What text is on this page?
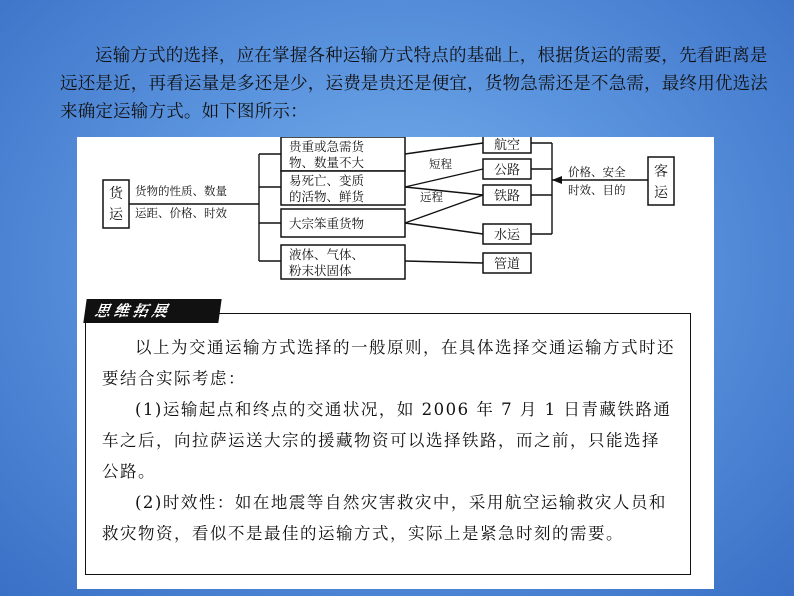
运输方式的选择，应在掌握各种运输方式特点的基础上，根据货运的需要，先看距离是远还是近，再看运量是多还是少，运费是贵还是便宜，货物急需还是不急需，最终用优选法来确定运输方式。如下图所示：

货
运
货物的性质、数量
运距、价格、时效
贵重或急需货
物、数量不大
易死亡、变质
的活物、鲜货
大宗笨重货物
液体、气体、
粉末状固体
短程
远程
航空
公路
铁路
水运
管道
价格、安全
时效、目的
客
运
思维拓展

以上为交通运输方式选择的一般原则，在具体选择交通运输方式时还要结合实际考虑：

(1)运输起点和终点的交通状况，如 2006 年 7 月 1 日青藏铁路通车之后，向拉萨运送大宗的援藏物资可以选择铁路，而之前，只能选择公路。

(2)时效性：如在地震等自然灾害救灾中，采用航空运输救灾人员和救灾物资，看似不是最佳的运输方式，实际上是紧急时刻的需要。
